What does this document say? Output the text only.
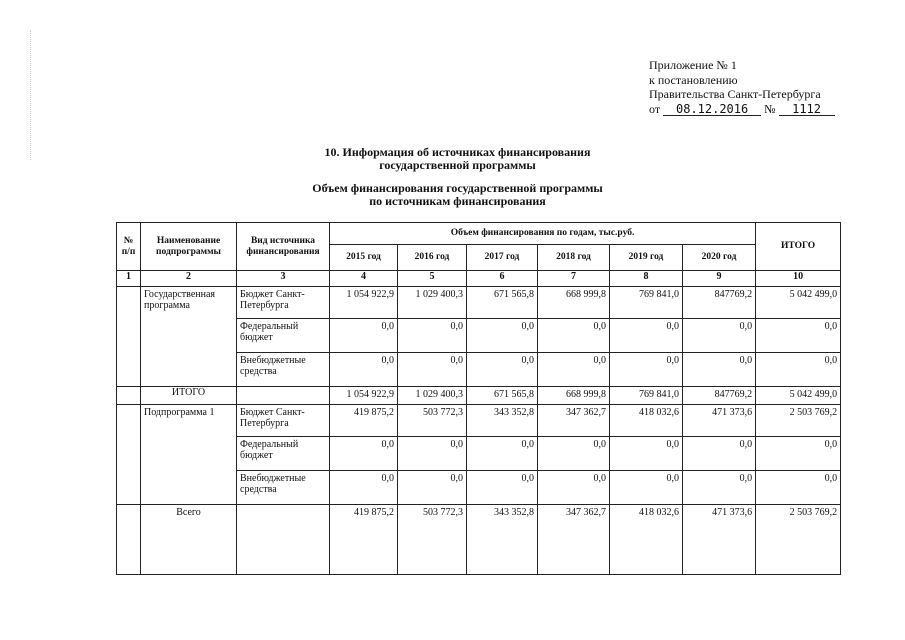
Приложение № 1
к постановлению
Правительства Санкт-Петербурга
от 08.12.2016 № 1112
10. Информация об источниках финансирования
государственной программы
Объем финансирования государственной программы
по источникам финансирования
№ п/п	Наименование подпрограммы	Вид источника финансирования	Объем финансирования по годам, тыс.руб.						ИТОГО
			2015 год	2016 год	2017 год	2018 год	2019 год	2020 год	
1	2	3	4	5	6	7	8	9	10
	Государственная программа	Бюджет Санкт-Петербурга	1 054 922,9	1 029 400,3	671 565,8	668 999,8	769 841,0	847769,2	5 042 499,0
		Федеральный бюджет	0,0	0,0	0,0	0,0	0,0	0,0	0,0
		Внебюджетные средства	0,0	0,0	0,0	0,0	0,0	0,0	0,0
	ИТОГО		1 054 922,9	1 029 400,3	671 565,8	668 999,8	769 841,0	847769,2	5 042 499,0
	Подпрограмма 1	Бюджет Санкт-Петербурга	419 875,2	503 772,3	343 352,8	347 362,7	418 032,6	471 373,6	2 503 769,2
		Федеральный бюджет	0,0	0,0	0,0	0,0	0,0	0,0	0,0
		Внебюджетные средства	0,0	0,0	0,0	0,0	0,0	0,0	0,0
	Всего		419 875,2	503 772,3	343 352,8	347 362,7	418 032,6	471 373,6	2 503 769,2
